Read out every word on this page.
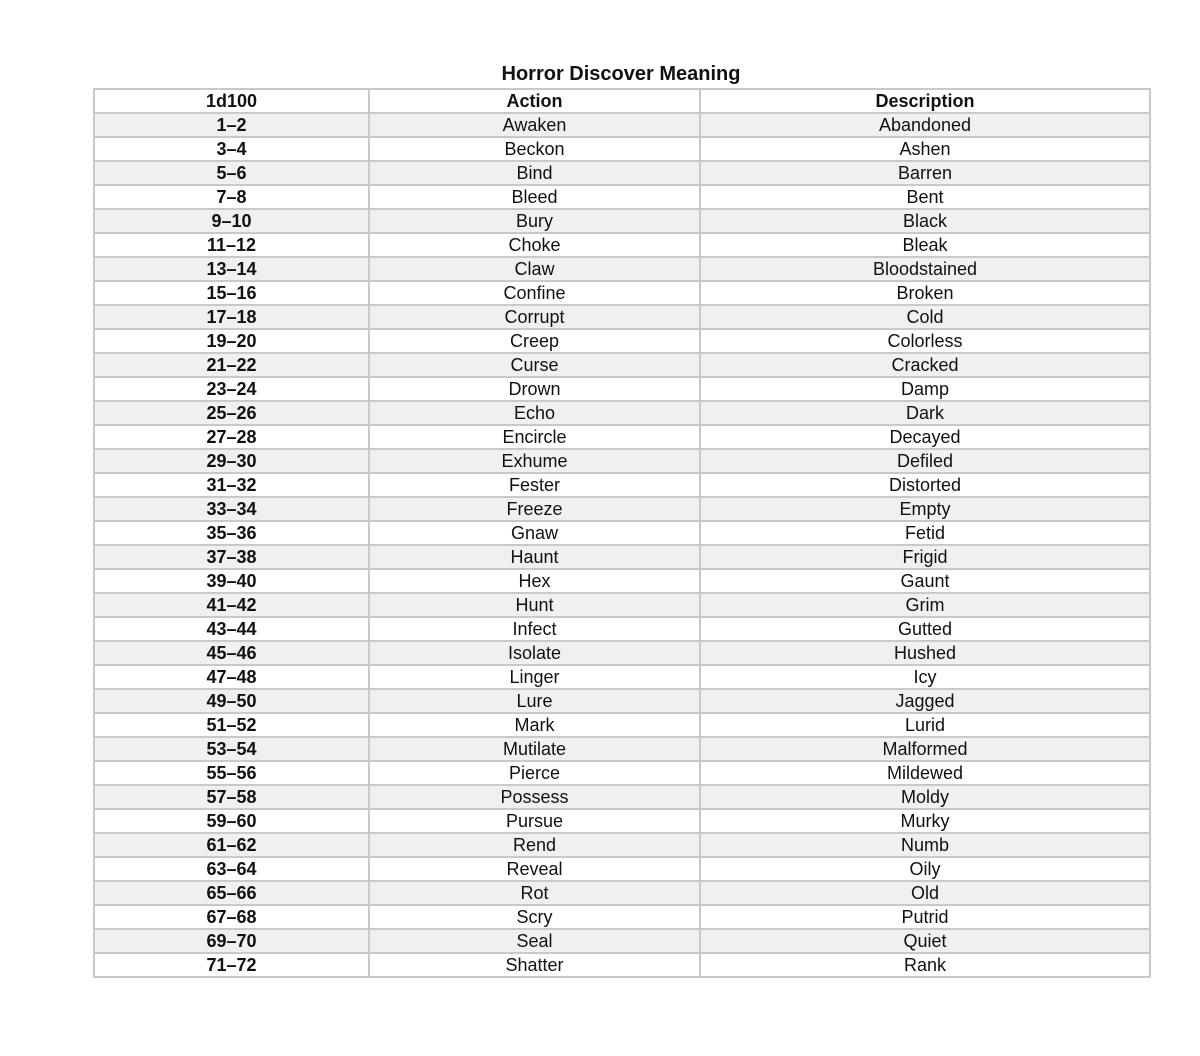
Horror Discover Meaning
1d100	Action	Description
1–2	Awaken	Abandoned
3–4	Beckon	Ashen
5–6	Bind	Barren
7–8	Bleed	Bent
9–10	Bury	Black
11–12	Choke	Bleak
13–14	Claw	Bloodstained
15–16	Confine	Broken
17–18	Corrupt	Cold
19–20	Creep	Colorless
21–22	Curse	Cracked
23–24	Drown	Damp
25–26	Echo	Dark
27–28	Encircle	Decayed
29–30	Exhume	Defiled
31–32	Fester	Distorted
33–34	Freeze	Empty
35–36	Gnaw	Fetid
37–38	Haunt	Frigid
39–40	Hex	Gaunt
41–42	Hunt	Grim
43–44	Infect	Gutted
45–46	Isolate	Hushed
47–48	Linger	Icy
49–50	Lure	Jagged
51–52	Mark	Lurid
53–54	Mutilate	Malformed
55–56	Pierce	Mildewed
57–58	Possess	Moldy
59–60	Pursue	Murky
61–62	Rend	Numb
63–64	Reveal	Oily
65–66	Rot	Old
67–68	Scry	Putrid
69–70	Seal	Quiet
71–72	Shatter	Rank
